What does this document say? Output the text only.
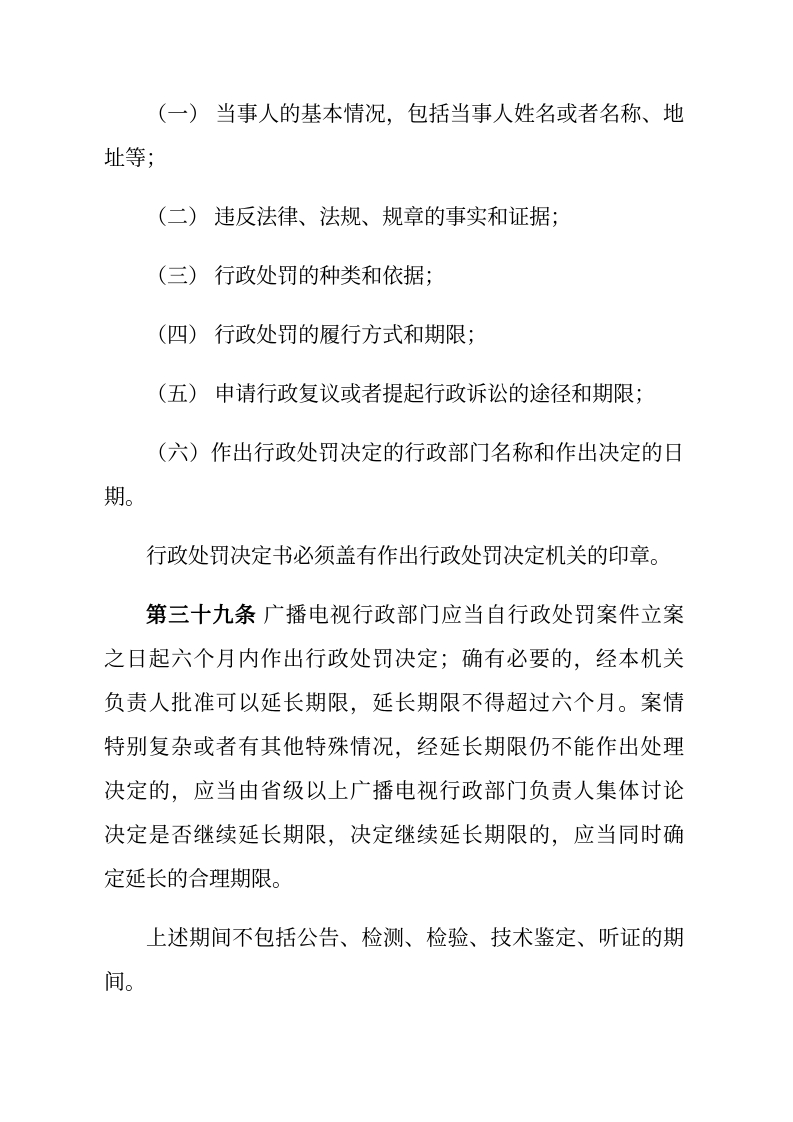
（一） 当事人的基本情况，包括当事人姓名或者名称、地
址等；
（二） 违反法律、法规、规章的事实和证据；
（三） 行政处罚的种类和依据；
（四） 行政处罚的履行方式和期限；
（五） 申请行政复议或者提起行政诉讼的途径和期限；
（六）作出行政处罚决定的行政部门名称和作出决定的日
期。
行政处罚决定书必须盖有作出行政处罚决定机关的印章。
第三十九条 广播电视行政部门应当自行政处罚案件立案
之日起六个月内作出行政处罚决定；确有必要的，经本机关
负责人批准可以延长期限，延长期限不得超过六个月。案情
特别复杂或者有其他特殊情况，经延长期限仍不能作出处理
决定的，应当由省级以上广播电视行政部门负责人集体讨论
决定是否继续延长期限，决定继续延长期限的，应当同时确
定延长的合理期限。
上述期间不包括公告、检测、检验、技术鉴定、听证的期
间。
